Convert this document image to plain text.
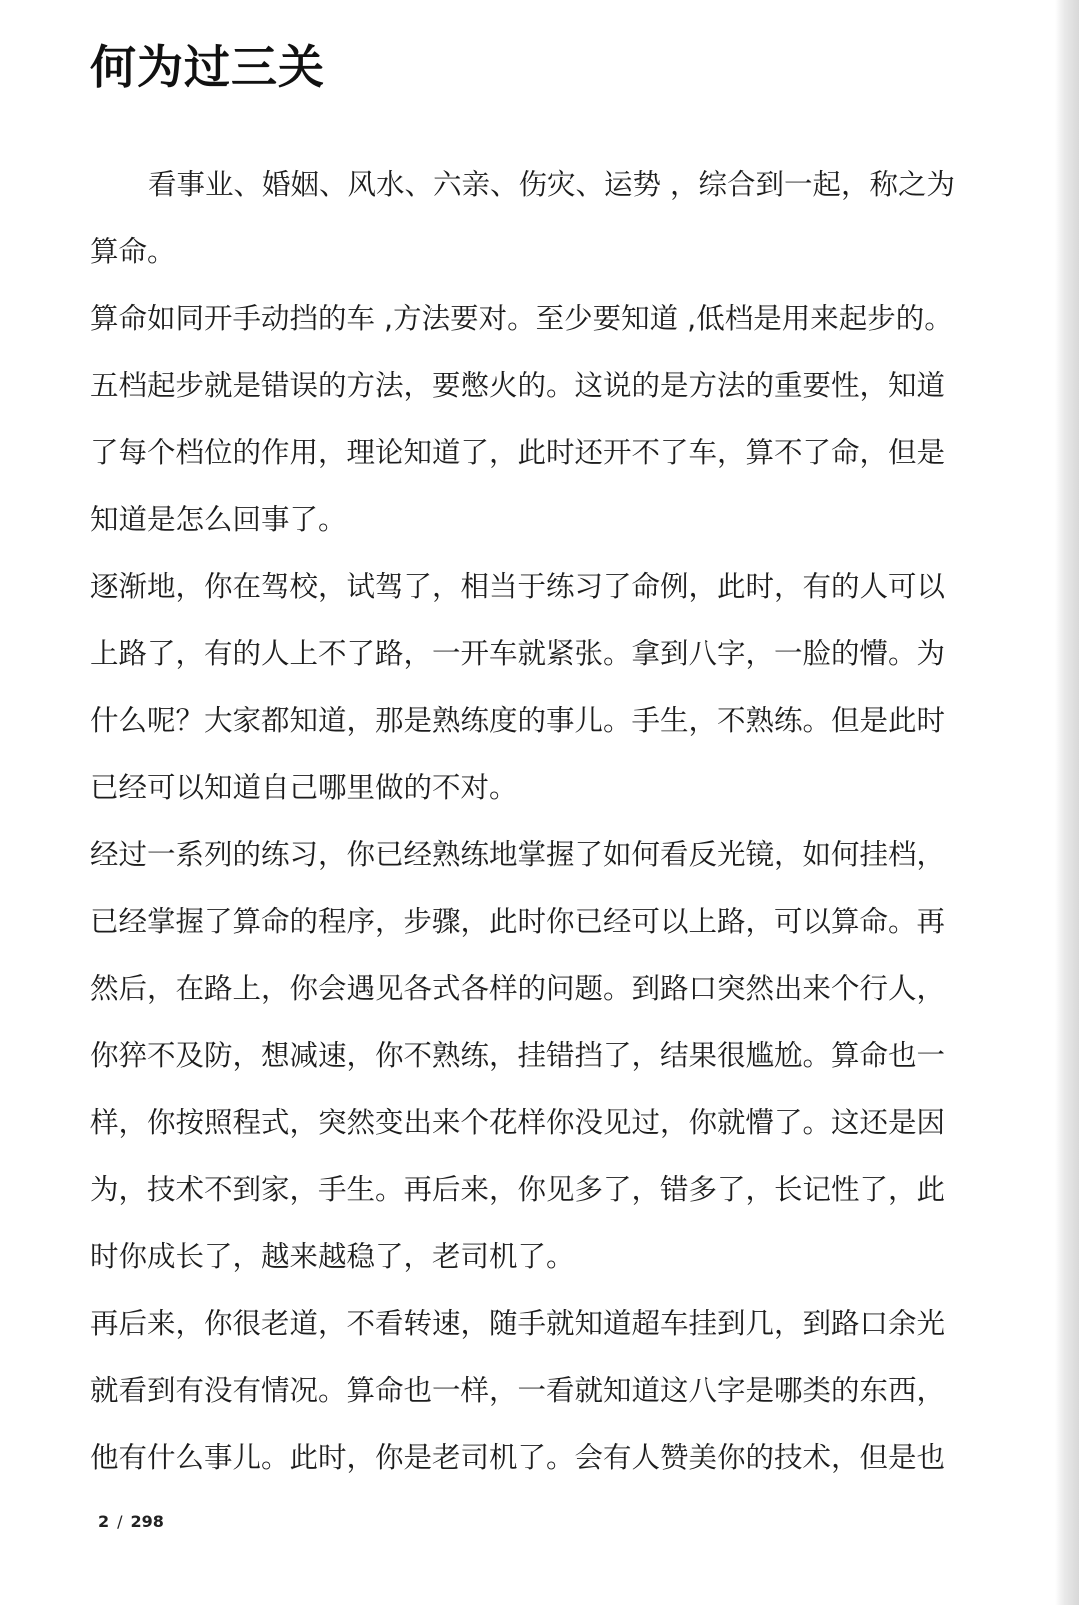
何为过三关
看事业、婚姻、风水、六亲、伤灾、运势 ，综合到一起，称之为
算命。
算命如同开手动挡的车 ,方法要对。至少要知道 ,低档是用来起步的。
五档起步就是错误的方法，要憋火的。这说的是方法的重要性，知道
了每个档位的作用，理论知道了，此时还开不了车，算不了命，但是
知道是怎么回事了。
逐渐地，你在驾校，试驾了，相当于练习了命例，此时，有的人可以
上路了，有的人上不了路，一开车就紧张。拿到八字，一脸的懵。为
什么呢？大家都知道，那是熟练度的事儿。手生，不熟练。但是此时
已经可以知道自己哪里做的不对。
经过一系列的练习，你已经熟练地掌握了如何看反光镜，如何挂档，
已经掌握了算命的程序，步骤，此时你已经可以上路，可以算命。再
然后，在路上，你会遇见各式各样的问题。到路口突然出来个行人，
你猝不及防，想减速，你不熟练，挂错挡了，结果很尴尬。算命也一
样，你按照程式，突然变出来个花样你没见过，你就懵了。这还是因
为，技术不到家，手生。再后来，你见多了，错多了，长记性了，此
时你成长了，越来越稳了，老司机了。
再后来，你很老道，不看转速，随手就知道超车挂到几，到路口余光
就看到有没有情况。算命也一样，一看就知道这八字是哪类的东西，
他有什么事儿。此时，你是老司机了。会有人赞美你的技术，但是也
2 / 298
